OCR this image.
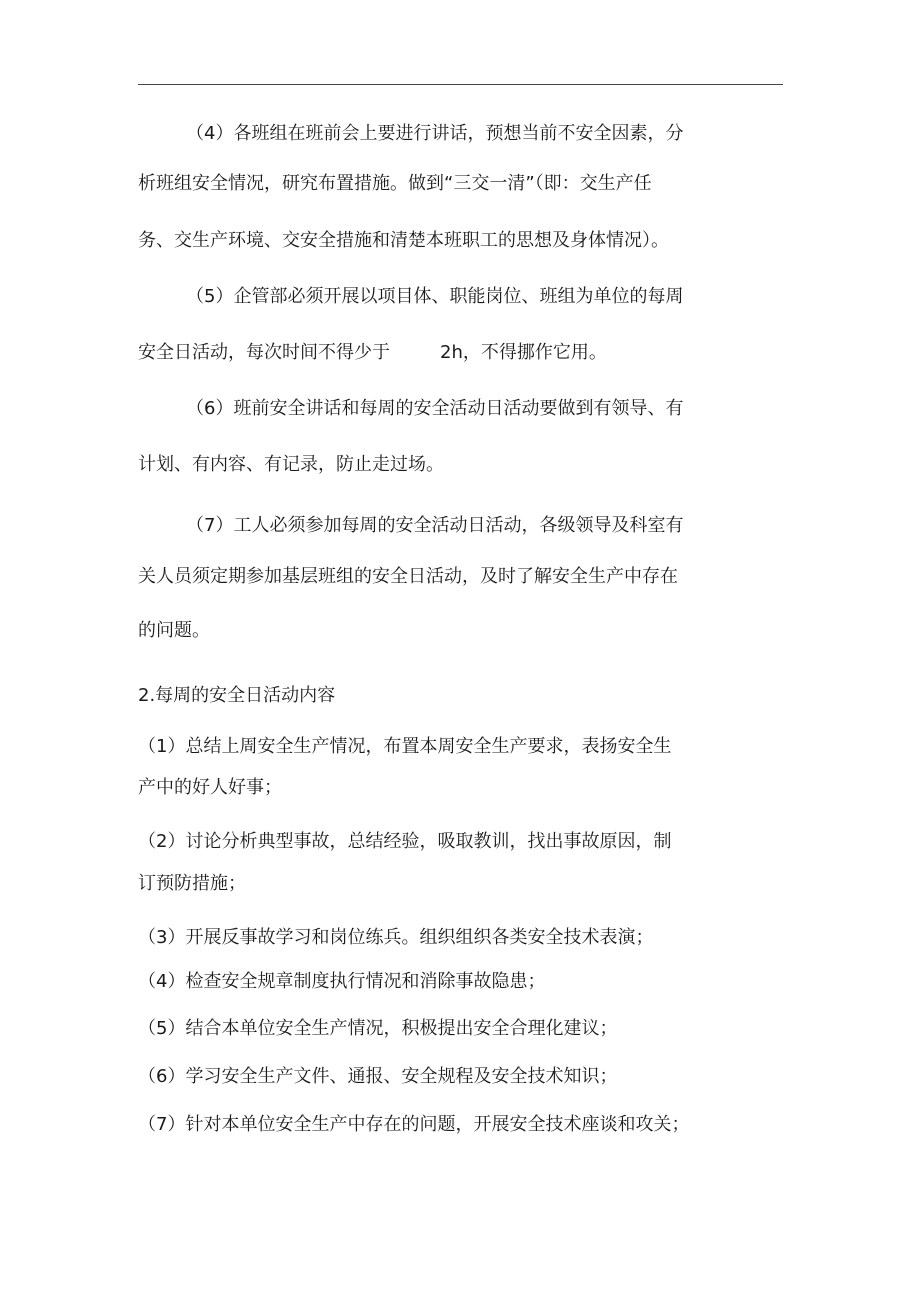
（4）各班组在班前会上要进行讲话，预想当前不安全因素，分
析班组安全情况，研究布置措施。做到“三交一清”（即：交生产任
务、交生产环境、交安全措施和清楚本班职工的思想及身体情况）。
（5）企管部必须开展以项目体、职能岗位、班组为单位的每周
安全日活动，每次时间不得少于	2h，不得挪作它用。
（6）班前安全讲话和每周的安全活动日活动要做到有领导、有
计划、有内容、有记录，防止走过场。
（7）工人必须参加每周的安全活动日活动，各级领导及科室有
关人员须定期参加基层班组的安全日活动，及时了解安全生产中存在
的问题。
2.每周的安全日活动内容
（1）总结上周安全生产情况，布置本周安全生产要求，表扬安全生
产中的好人好事；
（2）讨论分析典型事故，总结经验，吸取教训，找出事故原因，制
订预防措施；
（3）开展反事故学习和岗位练兵。组织组织各类安全技术表演；
（4）检查安全规章制度执行情况和消除事故隐患；
（5）结合本单位安全生产情况，积极提出安全合理化建议；
（6）学习安全生产文件、通报、安全规程及安全技术知识；
（7）针对本单位安全生产中存在的问题，开展安全技术座谈和攻关；
